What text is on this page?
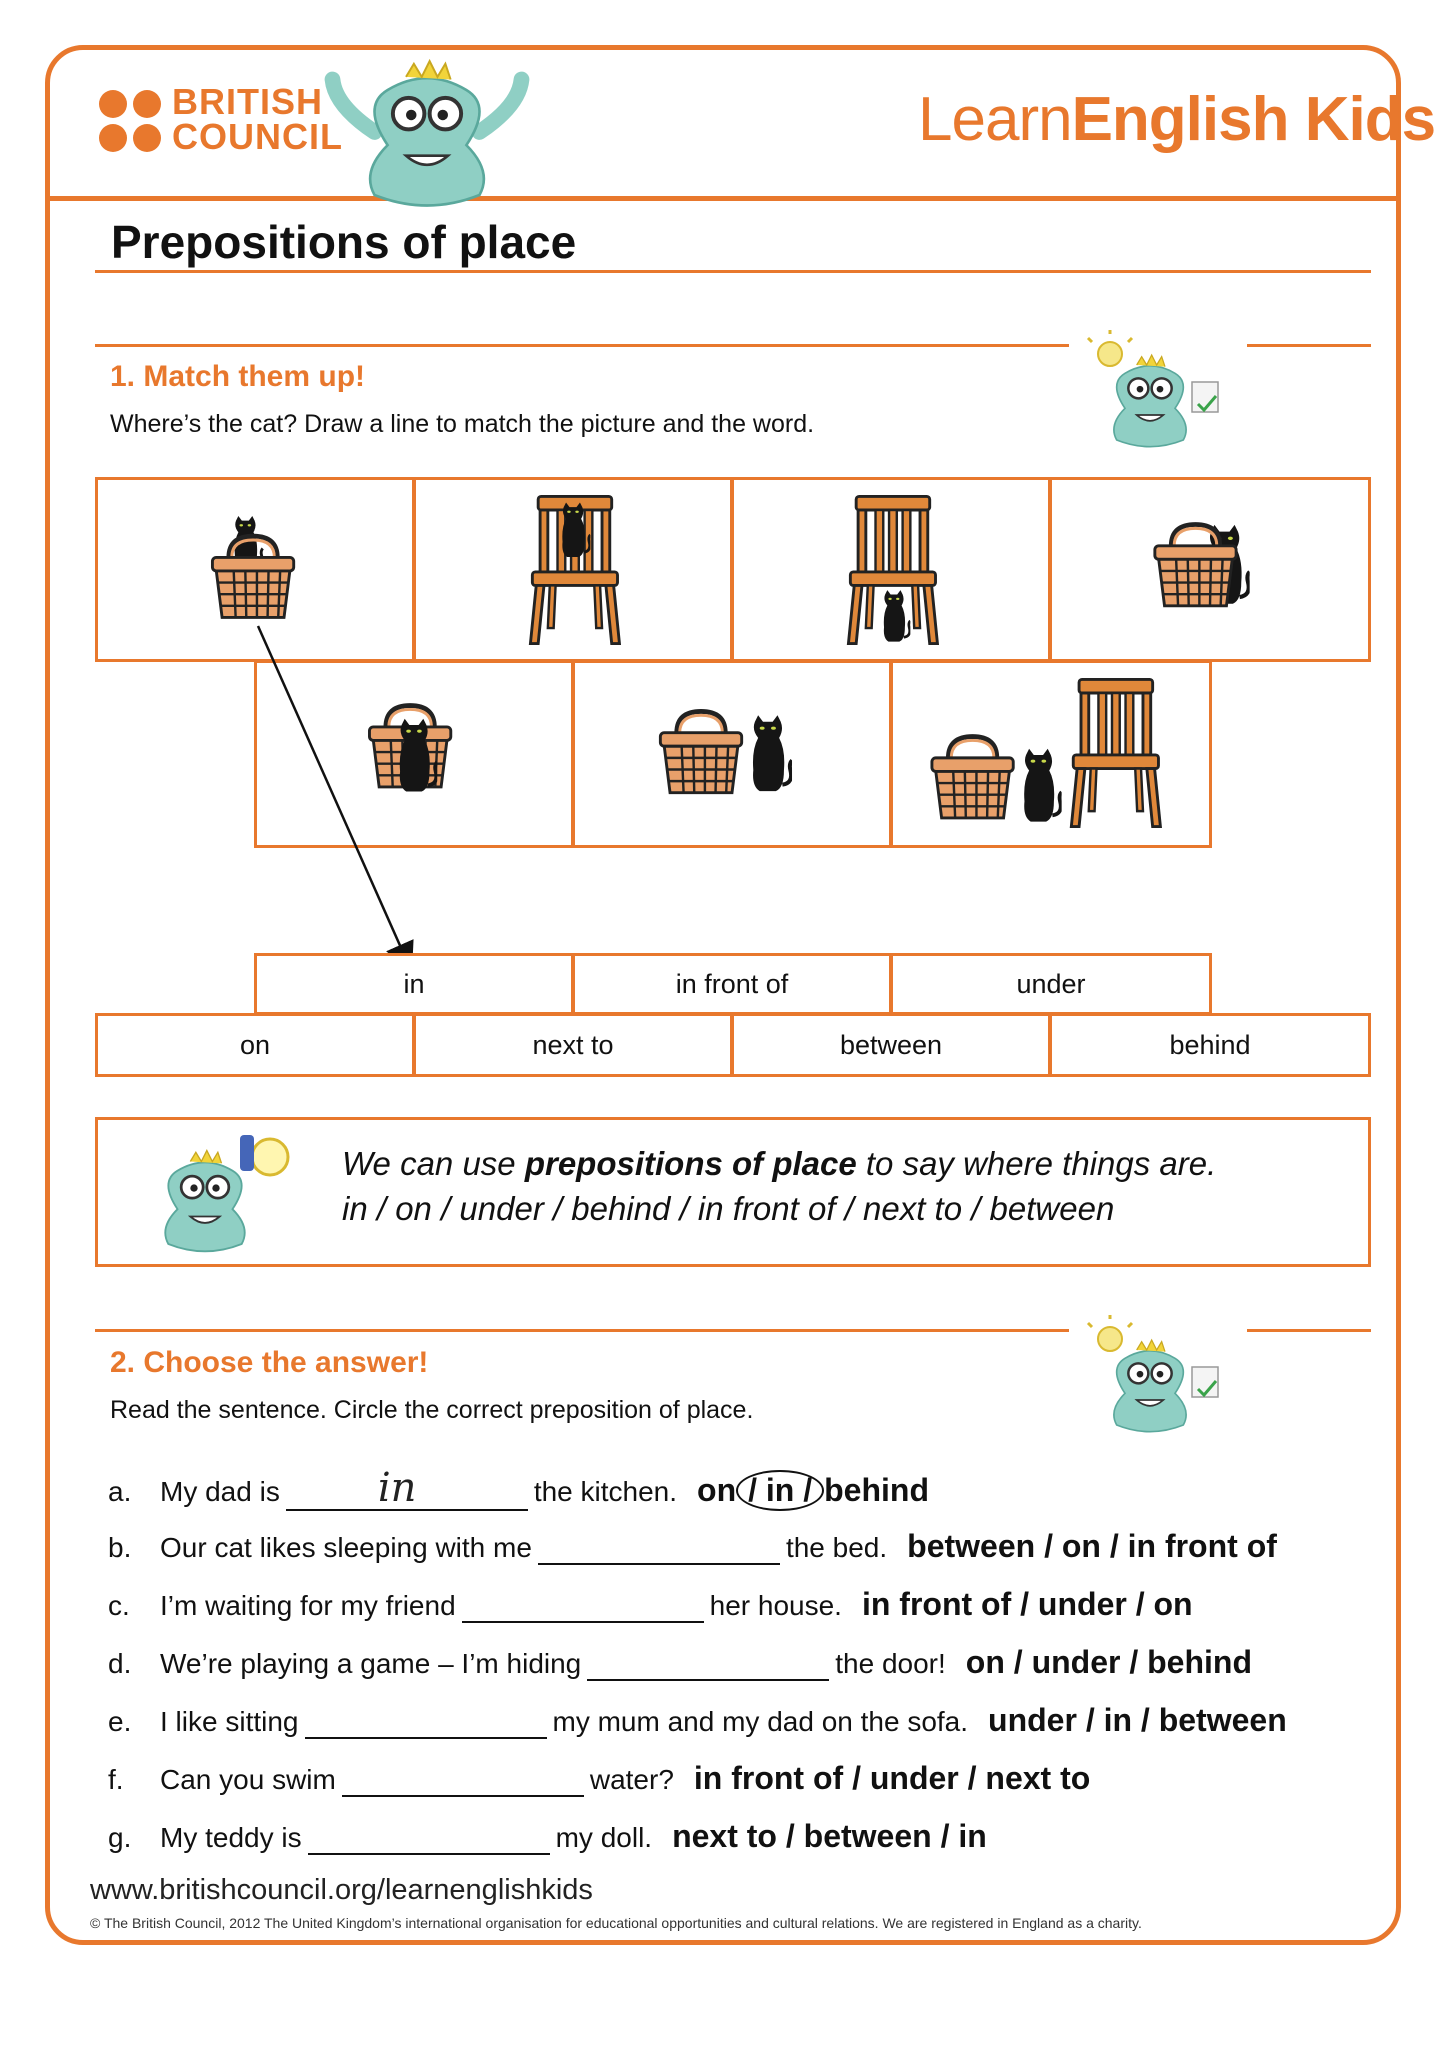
BRITISH
COUNCIL	LearnEnglish Kids
Prepositions of place
1. Match them up!
Where’s the cat? Draw a line to match the picture and the word.
in	in front of	under
on	next to	between	behind
We can use prepositions of place to say where things are.
in / on / under / behind / in front of / next to / between
2. Choose the answer!
Read the sentence. Circle the correct preposition of place.
a. My dad is in	the kitchen. on/ in /behind
b. Our cat likes sleeping with me	the bed. between / on / in front of
c. I’m waiting for my friend	her house. in front of / under / on
d. We’re playing a game – I’m hiding	the door! on / under / behind
e. I like sitting	my mum and my dad on the sofa. under / in / between
f. Can you swim	water? in front of / under / next to
g. My teddy is	my doll. next to / between / in
www.britishcouncil.org/learnenglishkids
© The British Council, 2012 The United Kingdom’s international organisation for educational opportunities and cultural relations. We are registered in England as a charity.
